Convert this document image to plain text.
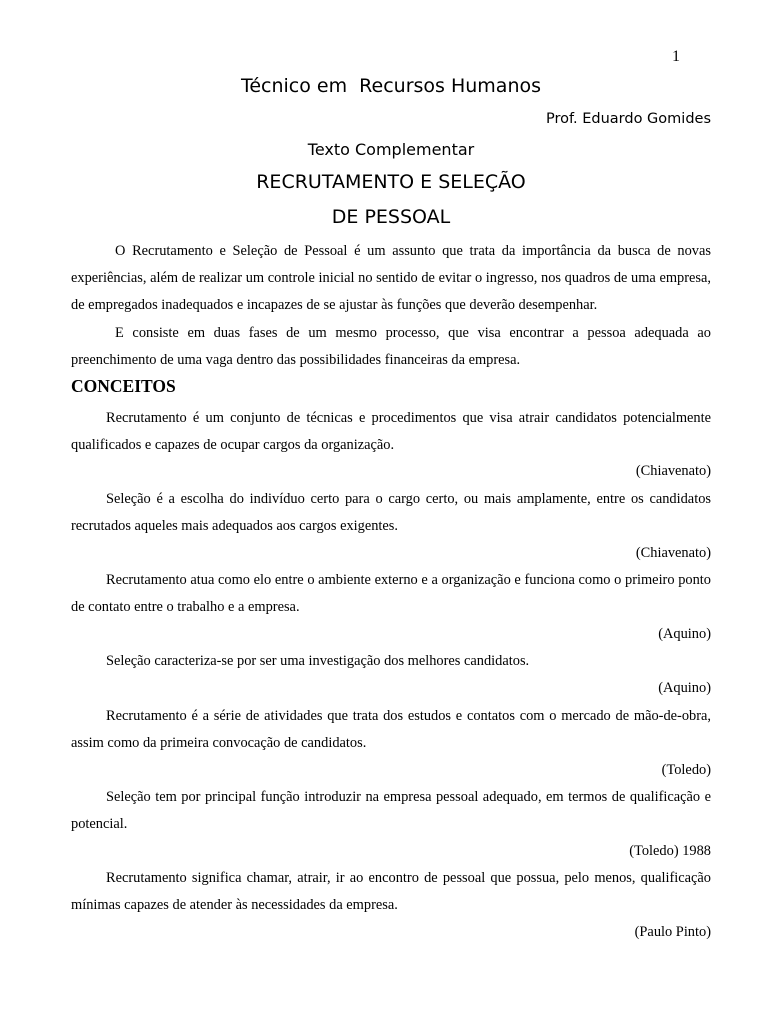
1
Técnico em  Recursos Humanos
Prof. Eduardo Gomides
Texto Complementar
RECRUTAMENTO E SELEÇÃO
DE PESSOAL
O Recrutamento e Seleção de Pessoal é um assunto que trata da importância da busca de novas experiências, além de realizar um controle inicial no sentido de evitar o ingresso, nos quadros de uma empresa, de empregados inadequados e incapazes de se ajustar às funções que deverão desempenhar.
E consiste em duas fases de um mesmo processo, que visa encontrar a pessoa adequada ao preenchimento de uma vaga dentro das possibilidades financeiras da empresa.
CONCEITOS
Recrutamento é um conjunto de técnicas e procedimentos que visa atrair candidatos potencialmente qualificados e capazes de ocupar cargos da organização.
(Chiavenato)
Seleção é a escolha do indivíduo certo para o cargo certo, ou mais amplamente, entre os candidatos recrutados aqueles mais adequados aos cargos exigentes.
(Chiavenato)
Recrutamento atua como elo entre o ambiente externo e a organização e funciona como o primeiro ponto de contato entre o trabalho e a empresa.
(Aquino)
Seleção caracteriza-se por ser uma investigação dos melhores candidatos.
(Aquino)
Recrutamento é a série de atividades que trata dos estudos e contatos com o mercado de mão-de-obra, assim como da primeira convocação de candidatos.
(Toledo)
Seleção tem por principal função introduzir na empresa pessoal adequado, em termos de qualificação e potencial.
(Toledo) 1988
Recrutamento significa chamar, atrair, ir ao encontro de pessoal que possua, pelo menos, qualificação mínimas capazes de atender às necessidades da empresa.
(Paulo Pinto)
